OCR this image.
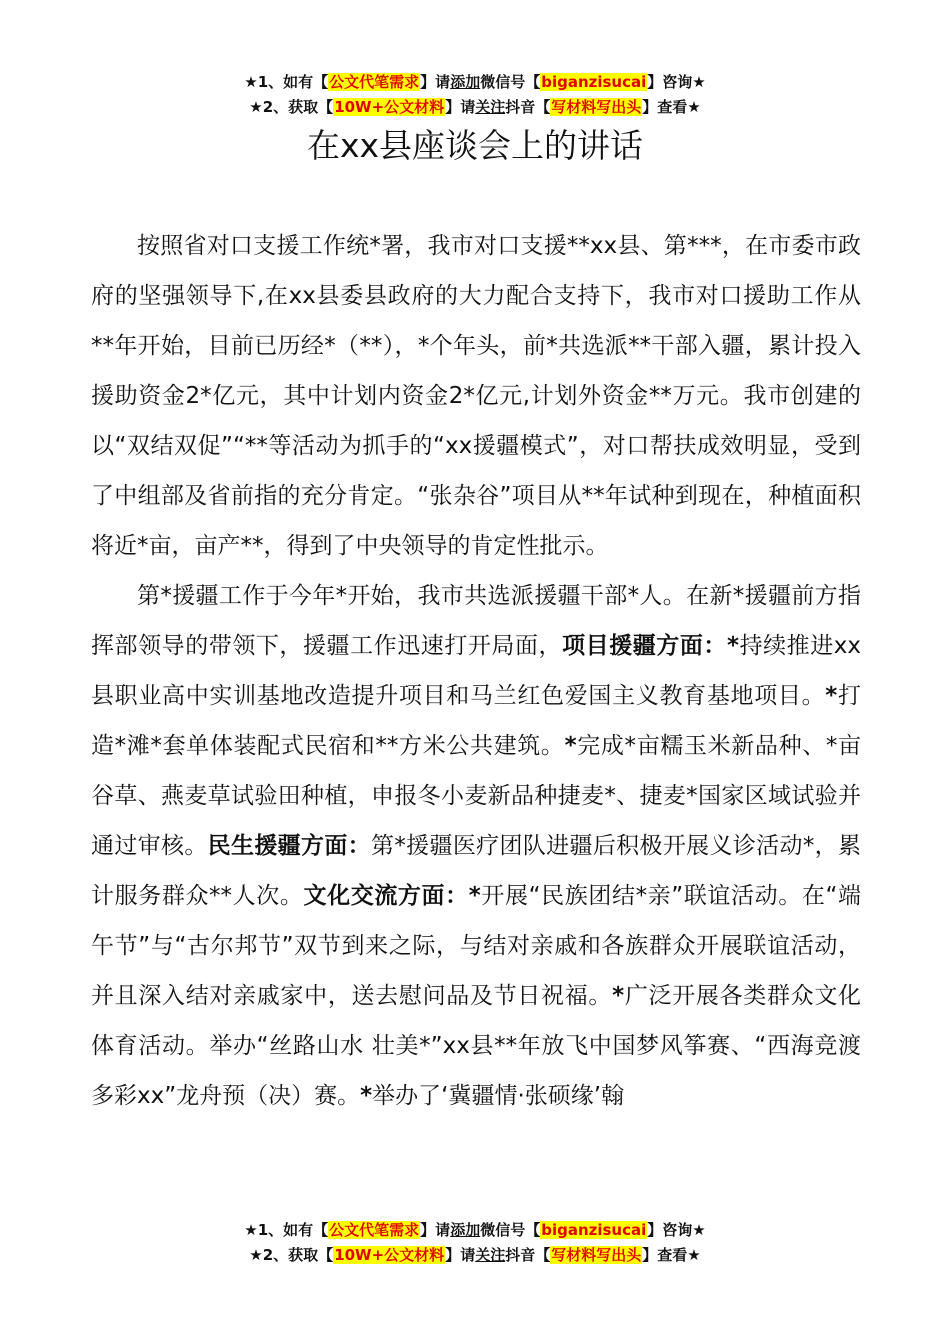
★1、如有【公文代笔需求】请添加微信号【biganzisucai】咨询★
★2、获取【10W+公文材料】请关注抖音【写材料写出头】查看★
在xx县座谈会上的讲话

按照省对口支援工作统*署，我市对口支援**xx县、第***，在市委市政府的坚强领导下,在xx县委县政府的大力配合支持下，我市对口援助工作从**年开始，目前已历经*（**），*个年头，前*共选派**干部入疆，累计投入援助资金2*亿元，其中计划内资金2*亿元,计划外资金**万元。我市创建的以“双结双促”“**等活动为抓手的“xx援疆模式”，对口帮扶成效明显，受到了中组部及省前指的充分肯定。“张杂谷”项目从**年试种到现在，种植面积将近*亩，亩产**，得到了中央领导的肯定性批示。

第*援疆工作于今年*开始，我市共选派援疆干部*人。在新*援疆前方指挥部领导的带领下，援疆工作迅速打开局面，项目援疆方面：*持续推进xx县职业高中实训基地改造提升项目和马兰红色爱国主义教育基地项目。*打造*滩*套单体装配式民宿和**方米公共建筑。*完成*亩糯玉米新品种、*亩谷草、燕麦草试验田种植，申报冬小麦新品种捷麦*、捷麦*国家区域试验并通过审核。民生援疆方面：第*援疆医疗团队进疆后积极开展义诊活动*，累计服务群众**人次。文化交流方面：*开展“民族团结*亲”联谊活动。在“端午节”与“古尔邦节”双节到来之际，与结对亲戚和各族群众开展联谊活动，并且深入结对亲戚家中，送去慰问品及节日祝福。*广泛开展各类群众文化体育活动。举办“丝路山水 壮美*”xx县**年放飞中国梦风筝赛、“西海竞渡 多彩xx”龙舟预（决）赛。*举办了‘冀疆情·张硕缘’翰

★1、如有【公文代笔需求】请添加微信号【biganzisucai】咨询★
★2、获取【10W+公文材料】请关注抖音【写材料写出头】查看★
